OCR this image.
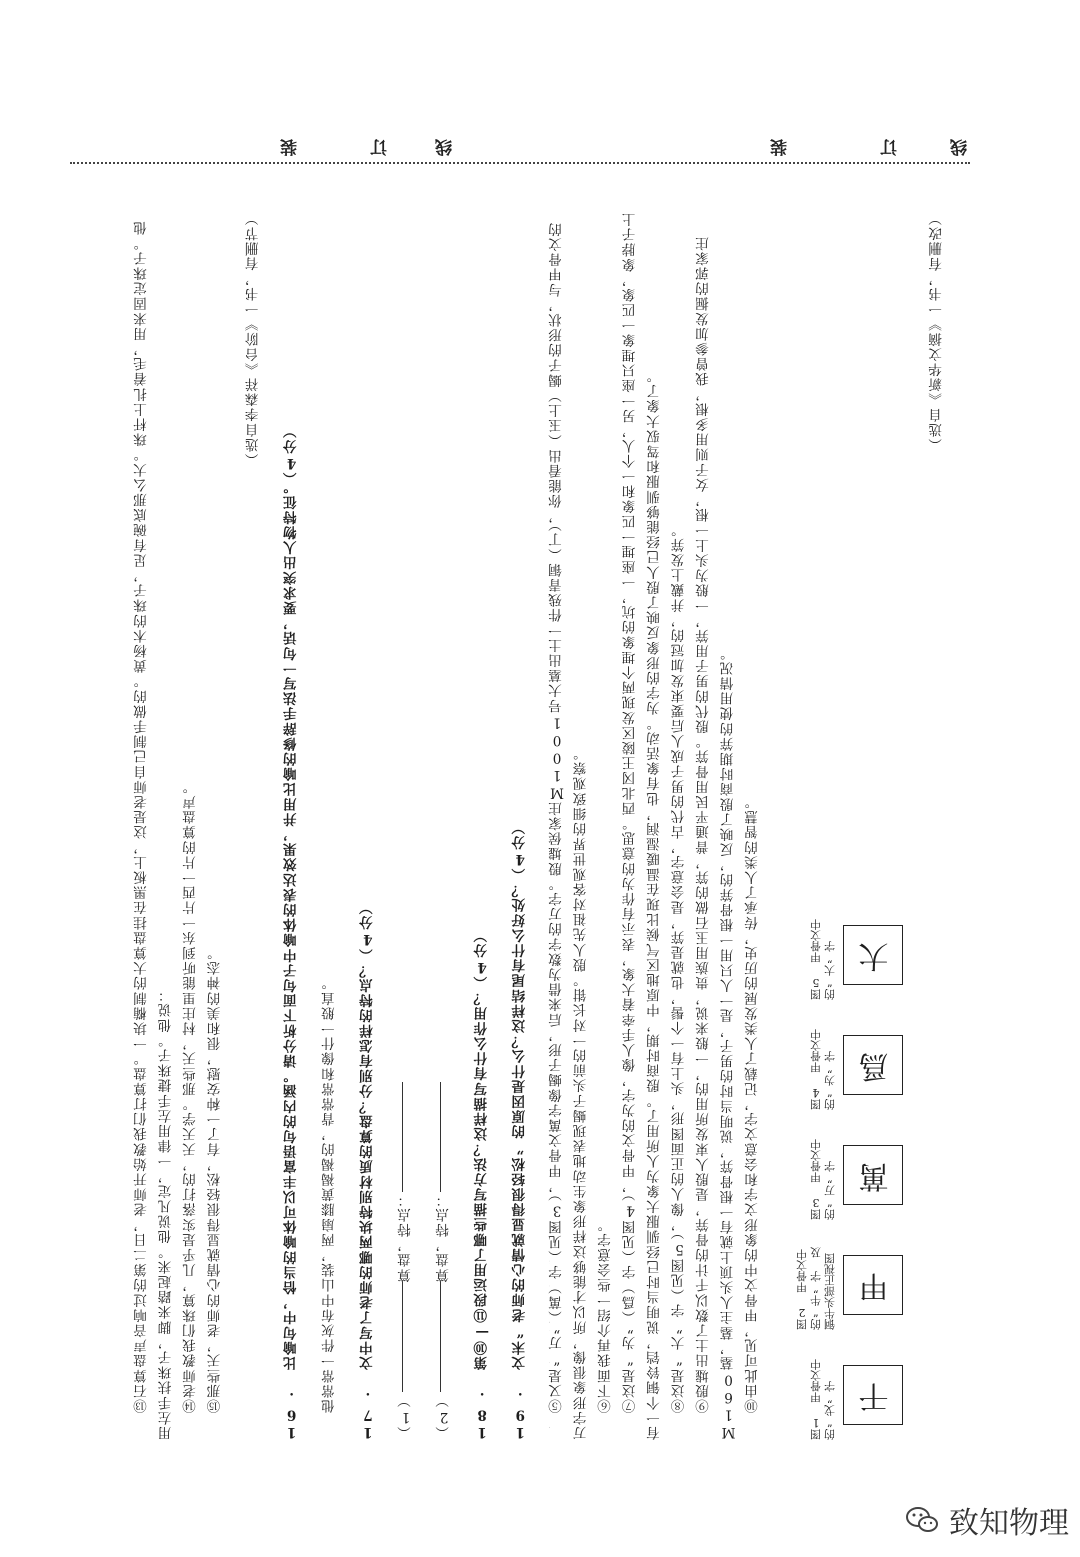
装	订	线	装	订	线

⑬石算盘声音响过的第二日，老师开始教我们打算盘。一块椭制的大算盘挂在黑板上，这是老师自己制手做的。黄杨木的珠子，足有碗底那么大。珠杆上扎着毛，用来固定珠子。他用左手扶珠子，脚来踏起来。他说凡定，一律用左手捷珠子。他说： ⑭老师教我们珠算，几乎是实落打的，天天学。那些天，村庄里能听到东一片西一片的算盘声。 ⑮那些天，老师的心情就显得很轻松，有了一种安慰，很和美的神态。

（选自李森祥《台阶》一书，有删节）

16. 比喻句中，恰当的喻体可以丰富语句的内涵。请分析下面句子中喻体的表达效果，并用比喻的修辞手法写一句话，要求突出人物特征。（4分）	他常常一件灰布中山装，两扇膝黄褐褐的，背常常和像什一般直。	17. 文中写了老师的哪两块特别材质的算盘？分别有怎样的特点？（4分）	（1）算盘，特点：

（2）算盘，特点：	18. 第⑩—⑪段运用了哪些描写方法？这样描写有什么作用？（4分）	19. 文末“老师的心情就显得很轻松”的原因是什么？这样结尾有什么好处？（4分）	⑤又是“万”（萬）字（见图3），甲骨文萬字像蝎子形，后来借为数字的万字。殷墟侯家庄M1001号大墓出土一件残青铜（丁），你能看出（玉上）蝎子的形状，与甲骨文的万字形象很像，所以才能够这样形象生动地表现蝎子头前的一对长钳。殷人先祖对客观世界的细致观察。 ⑥下面我再介绍一些会意字。 ⑦这是“为”（爲）字（见图4），甲骨文的为字，像人手牵着大象，表示有作为的意思。西北冈王陵区发现两个埋象的坑，一座埋一匹象和一个人，另一座只埋象一匹象，象脖子上有一个铜铃铛，说明当时已经驯服大象为人所用了。殷商时期，中原地区气候比现在温暖湿润，也有象活动。为字的形象反映了殷人已经能够驯服和驾驭大象了。 ⑧这是“大”字（见图5），像人的正面图形，头上有一个髻，也就是笄，是会意字，古代的男子成人后要束发加冠的，并戴上发笄。 ⑨殷墟出土了数以千计的骨笄，是殷人束发所用的，一般来说，贵族用玉石做的笄，普通平民用骨笄。殷代的男子用笄，一般为头上一根，女子则用多根，我曾参加发掘的郭家庄M160墓，墓主人头顶上就有一根骨笄，说明当时的男子，是一人只用一根骨笄的，反映了殷商时期笄的使用情况。 ⑩由此可见，甲骨文中的象形文字和会意文字，记载了人类发展的历史，传承了人类的智慧。	干
图1 甲骨文中的“戈”字
甲
图2 甲骨文中的“牛”字 及铜牛头部正视图
萬
图3 甲骨文中的“万”字
爲
图4 甲骨文中的“为”字
大
图5 甲骨文中的“大”字

（选自《新华文摘》一书，有删改）

致知物理
